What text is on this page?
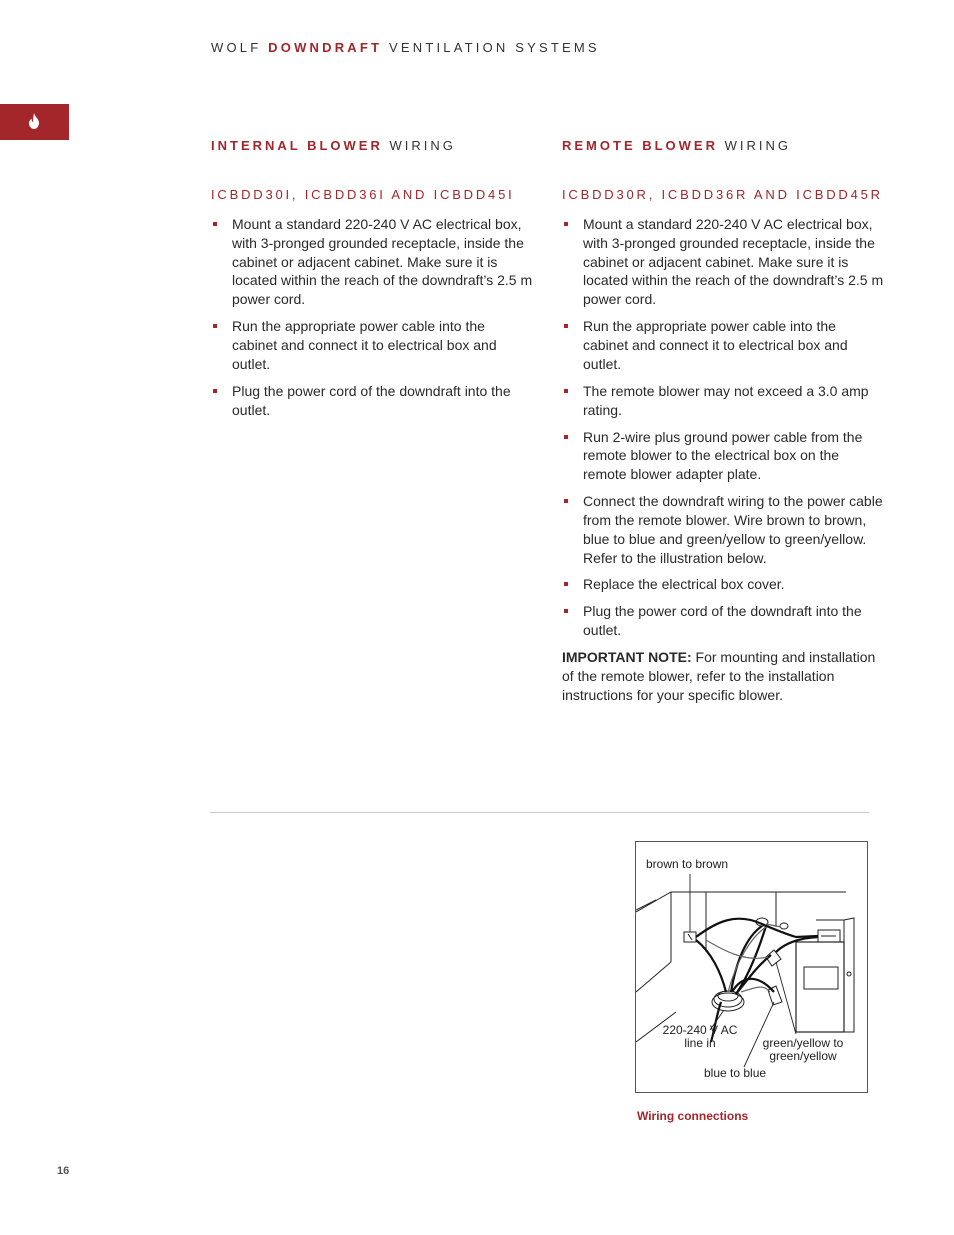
WOLF DOWNDRAFT VENTILATION SYSTEMS
INTERNAL BLOWER WIRING
ICBDD30I, ICBDD36I AND ICBDD45I
Mount a standard 220-240 V AC electrical box, with 3-pronged grounded receptacle, inside the cabinet or adjacent cabinet. Make sure it is located within the reach of the downdraft’s 2.5 m power cord.
Run the appropriate power cable into the cabinet and connect it to electrical box and outlet.
Plug the power cord of the downdraft into the outlet.
REMOTE BLOWER WIRING
ICBDD30R, ICBDD36R AND ICBDD45R
Mount a standard 220-240 V AC electrical box, with 3-pronged grounded receptacle, inside the cabinet or adjacent cabinet. Make sure it is located within the reach of the downdraft’s 2.5 m power cord.
Run the appropriate power cable into the cabinet and connect it to electrical box and outlet.
The remote blower may not exceed a 3.0 amp rating.
Run 2-wire plus ground power cable from the remote blower to the electrical box on the remote blower adapter plate.
Connect the downdraft wiring to the power cable from the remote blower. Wire brown to brown, blue to blue and green/yellow to green/yellow. Refer to the illustration below.
Replace the electrical box cover.
Plug the power cord of the downdraft into the outlet.
IMPORTANT NOTE: For mounting and installation of the remote blower, refer to the installation instructions for your specific blower.
brown to brown
220-240 V AC
line in	green/yellow to
green/yellow
blue to blue
Wiring connections
16
